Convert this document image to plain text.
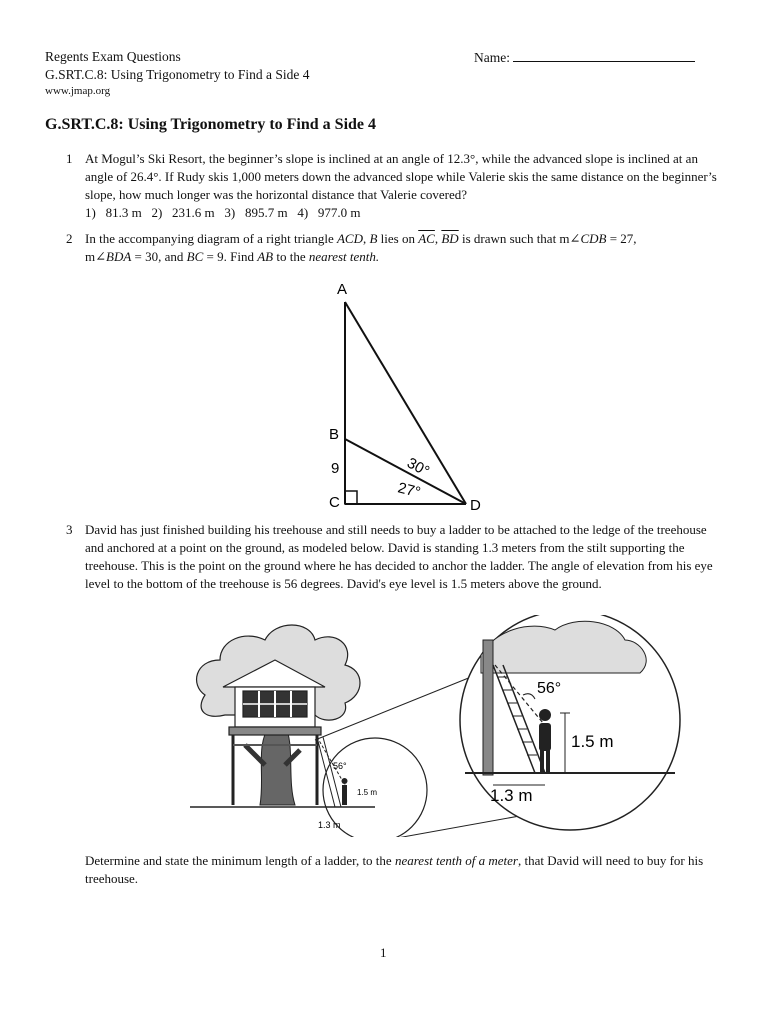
Regents Exam Questions
G.SRT.C.8: Using Trigonometry to Find a Side 4
www.jmap.org
Name:
G.SRT.C.8: Using Trigonometry to Find a Side 4
1 At Mogul’s Ski Resort, the beginner’s slope is inclined at an angle of 12.3°, while the advanced slope is inclined at an angle of 26.4°. If Rudy skis 1,000 meters down the advanced slope while Valerie skis the same distance on the beginner’s slope, how much longer was the horizontal distance that Valerie covered?
1)   81.3 m   2)   231.6 m   3)   895.7 m   4)   977.0 m
2 In the accompanying diagram of a right triangle ACD, B lies on $\overline{AC}$, $\overline{BD}$ is drawn such that m∠CDB = 27,
m∠BDA = 30, and BC = 9. Find AB to the nearest tenth.
A
B
C	D
9	30°
27°
3 David has just finished building his treehouse and still needs to buy a ladder to be attached to the ledge of the treehouse and anchored at a point on the ground, as modeled below. David is standing 1.3 meters from the stilt supporting the treehouse. This is the point on the ground where he has decided to anchor the ladder. The angle of elevation from his eye level to the bottom of the treehouse is 56 degrees. David's eye level is 1.5 meters above the ground.
56°
1.5 m
1.3 m
56°
1.5 m
1.3 m
Determine and state the minimum length of a ladder, to the nearest tenth of a meter, that David will need to buy for his treehouse.
1
